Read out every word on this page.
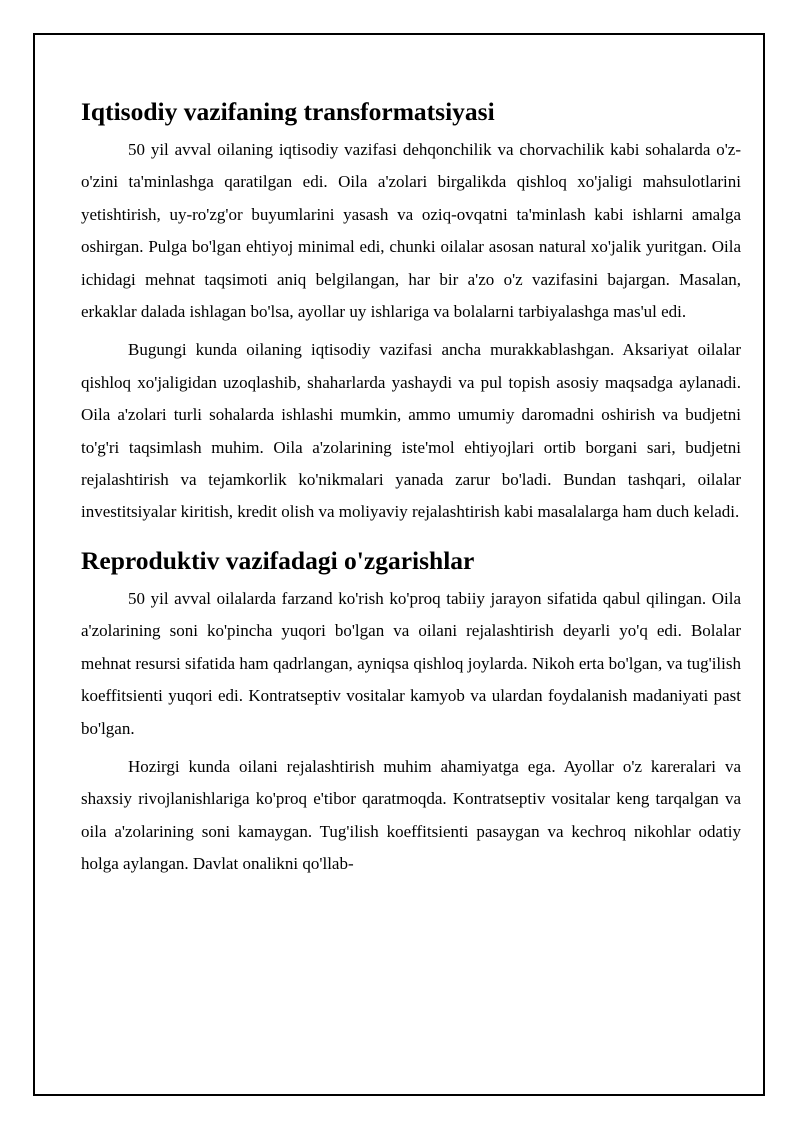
Iqtisodiy vazifaning transformatsiyasi

50 yil avval oilaning iqtisodiy vazifasi dehqonchilik va chorvachilik kabi sohalarda o'z-o'zini ta'minlashga qaratilgan edi. Oila a'zolari birgalikda qishloq xo'jaligi mahsulotlarini yetishtirish, uy-ro'zg'or buyumlarini yasash va oziq-ovqatni ta'minlash kabi ishlarni amalga oshirgan. Pulga bo'lgan ehtiyoj minimal edi, chunki oilalar asosan natural xo'jalik yuritgan. Oila ichidagi mehnat taqsimoti aniq belgilangan, har bir a'zo o'z vazifasini bajargan. Masalan, erkaklar dalada ishlagan bo'lsa, ayollar uy ishlariga va bolalarni tarbiyalashga mas'ul edi.

Bugungi kunda oilaning iqtisodiy vazifasi ancha murakkablashgan. Aksariyat oilalar qishloq xo'jaligidan uzoqlashib, shaharlarda yashaydi va pul topish asosiy maqsadga aylanadi. Oila a'zolari turli sohalarda ishlashi mumkin, ammo umumiy daromadni oshirish va budjetni to'g'ri taqsimlash muhim. Oila a'zolarining iste'mol ehtiyojlari ortib borgani sari, budjetni rejalashtirish va tejamkorlik ko'nikmalari yanada zarur bo'ladi. Bundan tashqari, oilalar investitsiyalar kiritish, kredit olish va moliyaviy rejalashtirish kabi masalalarga ham duch keladi.

Reproduktiv vazifadagi o'zgarishlar

50 yil avval oilalarda farzand ko'rish ko'proq tabiiy jarayon sifatida qabul qilingan. Oila a'zolarining soni ko'pincha yuqori bo'lgan va oilani rejalashtirish deyarli yo'q edi. Bolalar mehnat resursi sifatida ham qadrlangan, ayniqsa qishloq joylarda. Nikoh erta bo'lgan, va tug'ilish koeffitsienti yuqori edi. Kontratseptiv vositalar kamyob va ulardan foydalanish madaniyati past bo'lgan.

Hozirgi kunda oilani rejalashtirish muhim ahamiyatga ega. Ayollar o'z kareralari va shaxsiy rivojlanishlariga ko'proq e'tibor qaratmoqda. Kontratseptiv vositalar keng tarqalgan va oila a'zolarining soni kamaygan. Tug'ilish koeffitsienti pasaygan va kechroq nikohlar odatiy holga aylangan. Davlat onalikni qo'llab-
